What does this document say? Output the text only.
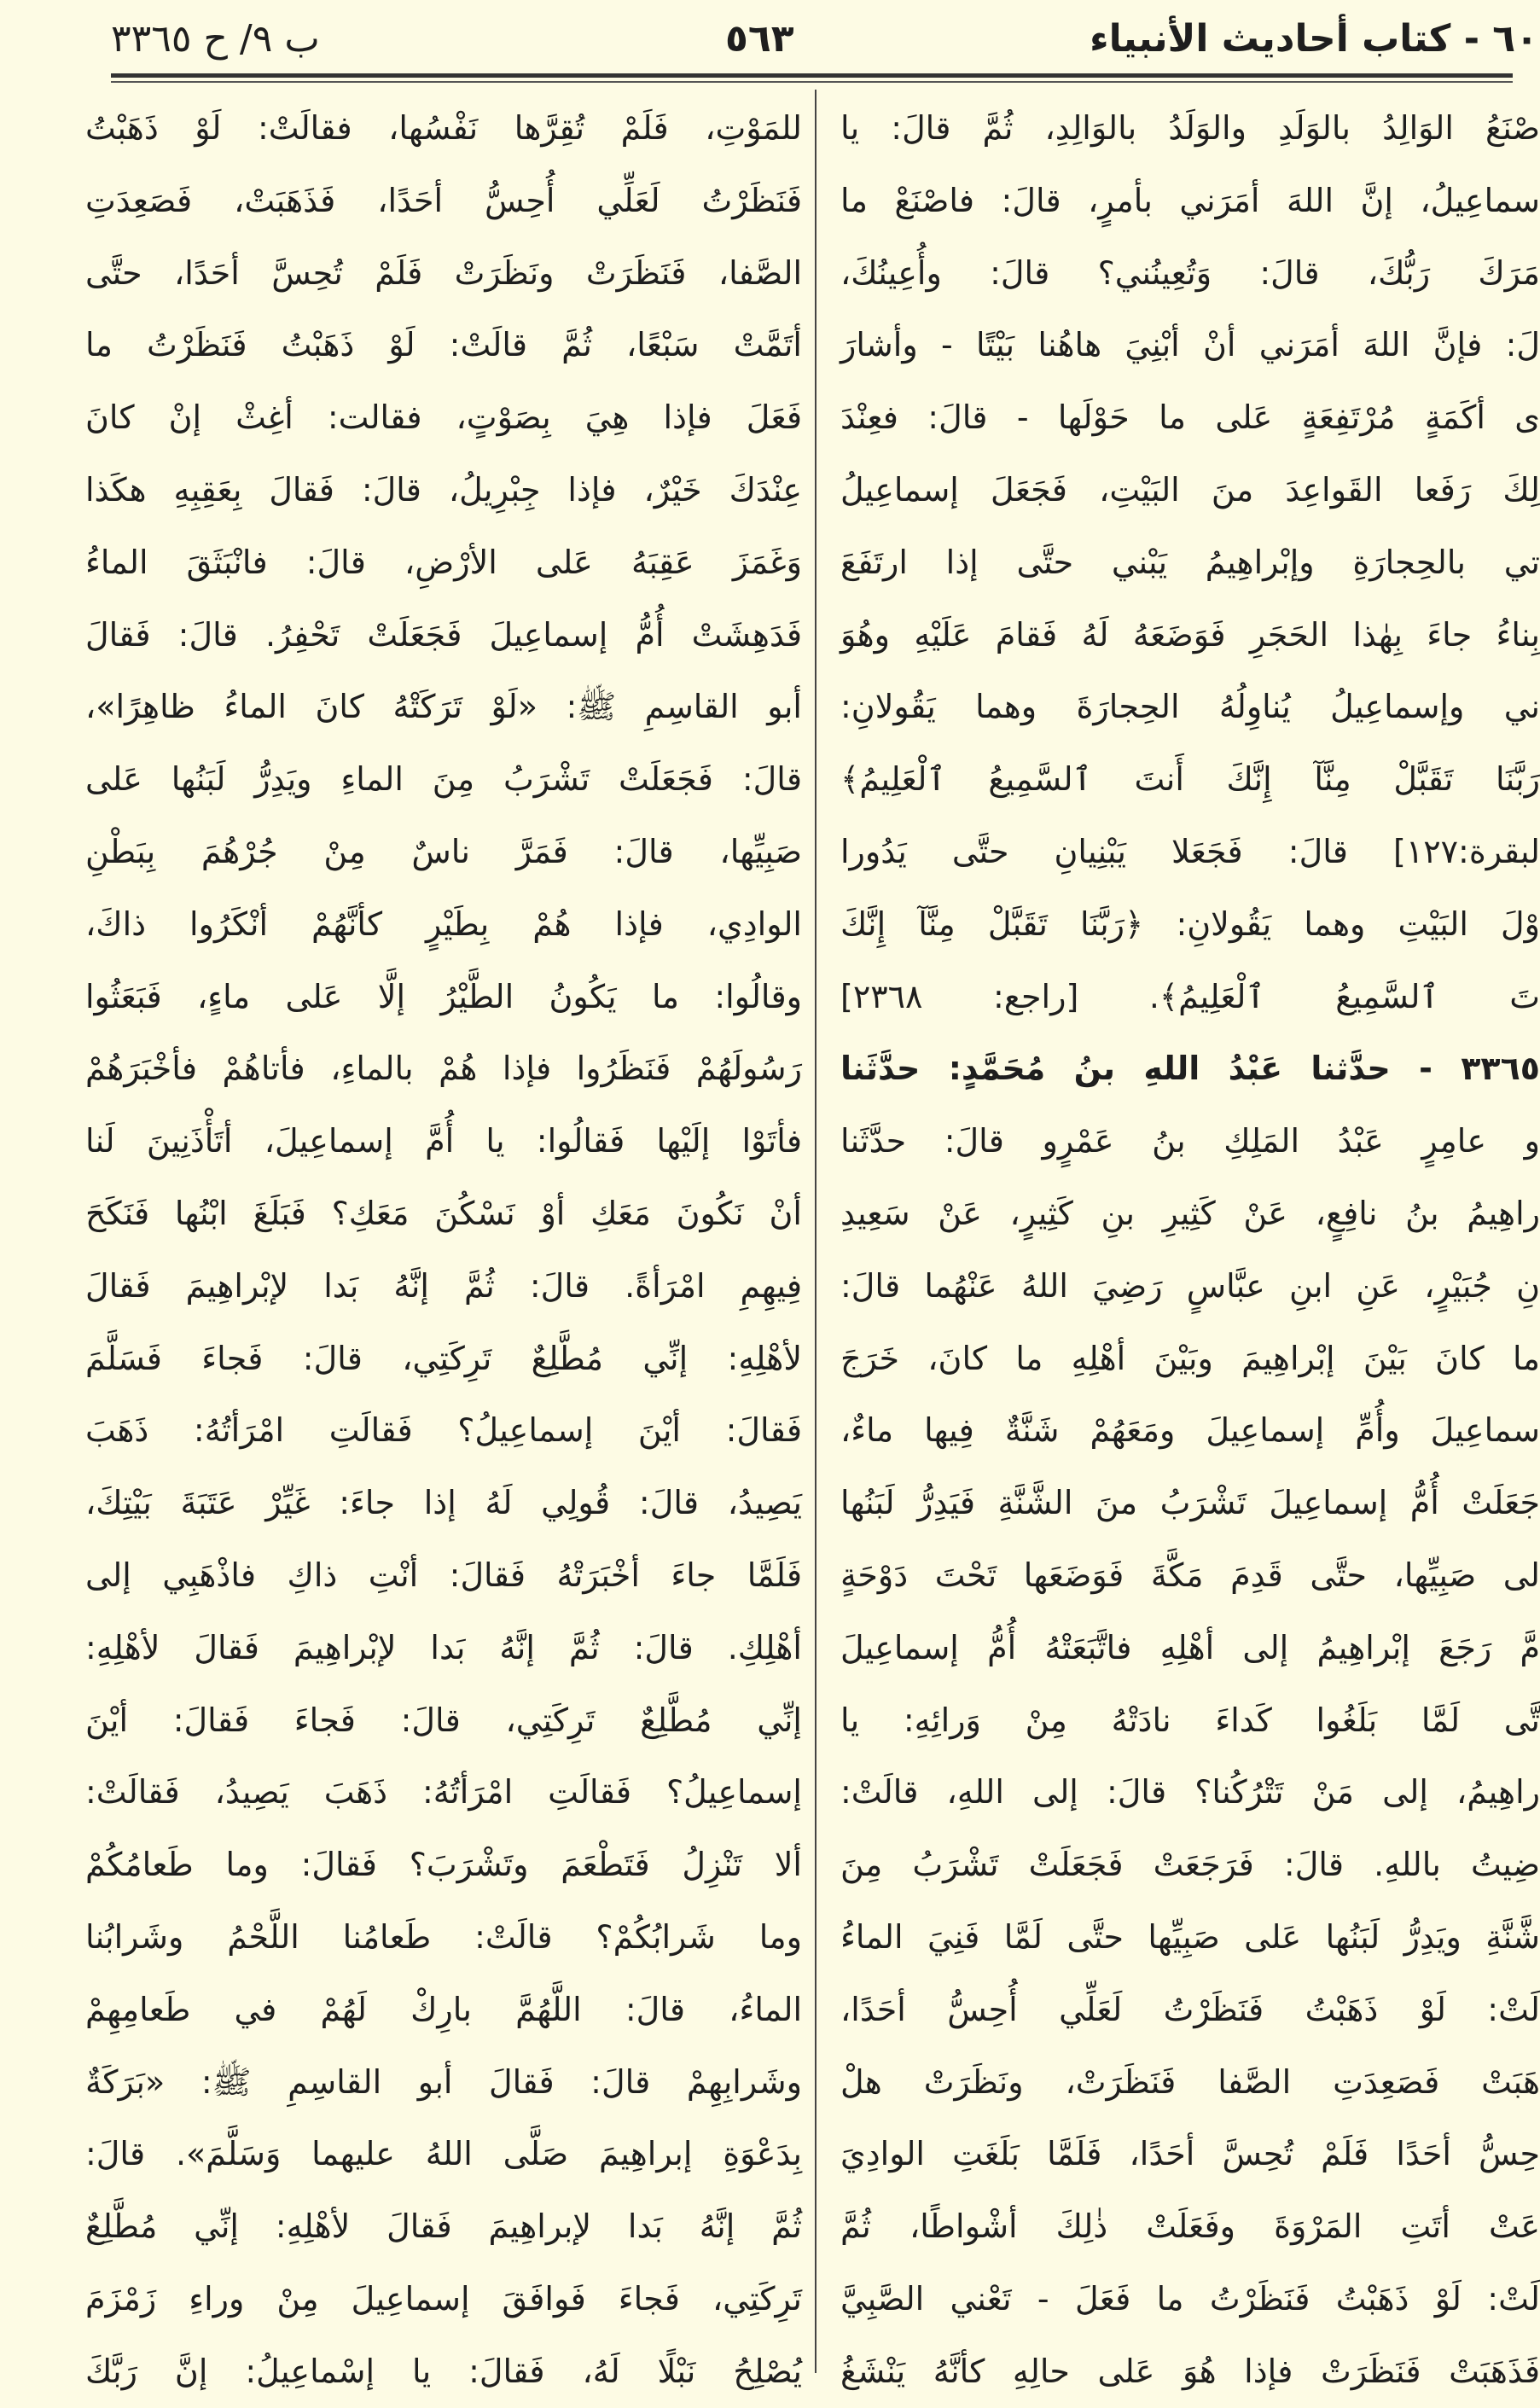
٦٠ - كتاب أحاديث الأنبياء
٥٦٣
ب ٩/ ح ٣٣٦٥
صْنَعُ الوَالِدُ بالوَلَدِ والوَلَدُ بالوَالِدِ، ثُمَّ قالَ: يا
سماعِيلُ، إنَّ اللهَ أمَرَني بأمرٍ، قالَ: فاصْنَعْ ما
مَرَكَ رَبُّكَ، قالَ: وَتُعِينُني؟ قالَ: وأُعِينُكَ،
لَ: فإنَّ اللهَ أمَرَني أنْ أبْنِيَ هاهُنا بَيْتًا - وأشارَ
ى أكَمَةٍ مُرْتَفِعَةٍ عَلى ما حَوْلَها - قالَ: فعِنْدَ
لِكَ رَفَعا القَواعِدَ منَ البَيْتِ، فَجَعَلَ إسماعِيلُ
تي بالحِجارَةِ وإبْراهِيمُ يَبْني حتَّى إذا ارتَفَعَ
بِناءُ جاءَ بِهٰذا الحَجَرِ فَوَضَعَهُ لَهُ فَقامَ عَلَيْهِ وهُوَ
ني وإسماعِيلُ يُناوِلُهُ الحِجارَةَ وهما يَقُولانِ:
رَبَّنَا تَقَبَّلْ مِنَّآ إِنَّكَ أَنتَ ٱلسَّمِيعُ ٱلْعَلِيمُ﴾
لبقرة:١٢٧] قالَ: فَجَعَلا يَبْنِيانِ حتَّى يَدُورا
وْلَ البَيْتِ وهما يَقُولانِ: ﴿رَبَّنَا تَقَبَّلْ مِنَّآ إِنَّكَ
تَ ٱلسَّمِيعُ ٱلْعَلِيمُ﴾. [راجع: ٢٣٦٨]
٣٣٦٥ - حدَّثنا عَبْدُ اللهِ بنُ مُحَمَّدٍ: حدَّثَنا
و عامِرٍ عَبْدُ المَلِكِ بنُ عَمْرٍو قالَ: حدَّثَنا
راهِيمُ بنُ نافِعٍ، عَنْ كَثِيرِ بنِ كَثِيرٍ، عَنْ سَعِيدِ
نِ جُبَيْرٍ، عَنِ ابنِ عبَّاسٍ رَضِيَ اللهُ عَنْهُما قالَ:
ما كانَ بَيْنَ إبْراهِيمَ وبَيْنَ أهْلِهِ ما كانَ، خَرَجَ
سماعِيلَ وأُمِّ إسماعِيلَ ومَعَهُمْ شَنَّةٌ فِيها ماءٌ،
جَعَلَتْ أُمُّ إسماعِيلَ تَشْرَبُ منَ الشَّنَّةِ فَيَدِرُّ لَبَنُها
لى صَبِيِّها، حتَّى قَدِمَ مَكَّةَ فَوَضَعَها تَحْتَ دَوْحَةٍ
مَّ رَجَعَ إبْراهِيمُ إلى أهْلِهِ فاتَّبَعَتْهُ أُمُّ إسماعِيلَ
تَّى لَمَّا بَلَغُوا كَداءَ نادَتْهُ مِنْ وَرائِهِ: يا
راهِيمُ، إلى مَنْ تَتْرُكُنا؟ قالَ: إلى اللهِ، قالَتْ:
ضِيتُ باللهِ. قالَ: فَرَجَعَتْ فَجَعَلَتْ تَشْرَبُ مِنَ
شَّنَّةِ ويَدِرُّ لَبَنُها عَلى صَبِيِّها حتَّى لَمَّا فَنِيَ الماءُ
لَتْ: لَوْ ذَهَبْتُ فَنَظَرْتُ لَعَلِّي أُحِسُّ أحَدًا،
هَبَتْ فَصَعِدَتِ الصَّفا فَنَظَرَتْ، ونَظَرَتْ هلْ
حِسُّ أحَدًا فَلَمْ تُحِسَّ أحَدًا، فَلَمَّا بَلَغَتِ الوادِيَ
عَتْ أتَتِ المَرْوَةَ وفَعَلَتْ ذٰلِكَ أشْواطًا، ثُمَّ
لَتْ: لَوْ ذَهَبْتُ فَنَظَرْتُ ما فَعَلَ - تَعْني الصَّبِيَّ
فَذَهَبَتْ فَنَظَرَتْ فإذا هُوَ عَلى حالِهِ كأنَّهُ يَنْشَغُ
للمَوْتِ، فَلَمْ تُقِرَّها نَفْسُها، فقالَتْ: لَوْ ذَهَبْتُ
فَنَظَرْتُ لَعَلِّي أُحِسُّ أحَدًا، فَذَهَبَتْ، فَصَعِدَتِ
الصَّفا، فَنَظَرَتْ ونَظَرَتْ فَلَمْ تُحِسَّ أحَدًا، حتَّى
أتَمَّتْ سَبْعًا، ثُمَّ قالَتْ: لَوْ ذَهَبْتُ فَنَظَرْتُ ما
فَعَلَ فإذا هِيَ بِصَوْتٍ، فقالت: أغِثْ إنْ كانَ
عِنْدَكَ خَيْرٌ، فإذا جِبْرِيلُ، قالَ: فَقالَ بِعَقِبِهِ هكَذا
وَغَمَزَ عَقِبَهُ عَلى الأرْضِ، قالَ: فانْبَثَقَ الماءُ
فَدَهِشَتْ أُمُّ إسماعِيلَ فَجَعَلَتْ تَحْفِرُ. قالَ: فَقالَ
أبو القاسِمِ ﷺ: «لَوْ تَرَكَتْهُ كانَ الماءُ ظاهِرًا»،
قالَ: فَجَعَلَتْ تَشْرَبُ مِنَ الماءِ ويَدِرُّ لَبَنُها عَلى
صَبِيِّها، قالَ: فَمَرَّ ناسٌ مِنْ جُرْهُمَ بِبَطْنِ
الوادِي، فإذا هُمْ بِطَيْرٍ كأنَّهُمْ أنْكَرُوا ذاكَ،
وقالُوا: ما يَكُونُ الطَّيْرُ إلَّا عَلى ماءٍ، فَبَعَثُوا
رَسُولَهُمْ فَنَظَرُوا فإذا هُمْ بالماءِ، فأتاهُمْ فأخْبَرَهُمْ
فأتَوْا إلَيْها فَقالُوا: يا أُمَّ إسماعِيلَ، أتَأْذَنِينَ لَنا
أنْ نَكُونَ مَعَكِ أوْ نَسْكُنَ مَعَكِ؟ فَبَلَغَ ابْنُها فَنَكَحَ
فِيهِمِ امْرَأةً. قالَ: ثُمَّ إنَّهُ بَدا لإبْراهِيمَ فَقالَ
لأهْلِهِ: إنِّي مُطَّلِعٌ تَرِكَتِي، قالَ: فَجاءَ فَسَلَّمَ
فَقالَ: أيْنَ إسماعِيلُ؟ فَقالَتِ امْرَأتُهُ: ذَهَبَ
يَصِيدُ، قالَ: قُولِي لَهُ إذا جاءَ: غَيِّرْ عَتَبَةَ بَيْتِكَ،
فَلَمَّا جاءَ أخْبَرَتْهُ فَقالَ: أنْتِ ذاكِ فاذْهَبِي إلى
أهْلِكِ. قالَ: ثُمَّ إنَّهُ بَدا لإبْراهِيمَ فَقالَ لأهْلِهِ:
إنِّي مُطَّلِعٌ تَرِكَتِي، قالَ: فَجاءَ فَقالَ: أيْنَ
إسماعِيلُ؟ فَقالَتِ امْرَأتُهُ: ذَهَبَ يَصِيدُ، فَقالَتْ:
ألا تَنْزِلُ فَتَطْعَمَ وتَشْرَبَ؟ فَقالَ: وما طَعامُكُمْ
وما شَرابُكُمْ؟ قالَتْ: طَعامُنا اللَّحْمُ وشَرابُنا
الماءُ، قالَ: اللَّهُمَّ بارِكْ لَهُمْ في طَعامِهِمْ
وشَرابِهِمْ قالَ: فَقالَ أبو القاسِمِ ﷺ: «بَرَكَةٌ
بِدَعْوَةِ إبراهِيمَ صَلَّى اللهُ عليهما وَسَلَّمَ». قالَ:
ثُمَّ إنَّهُ بَدا لإبراهِيمَ فَقالَ لأهْلِهِ: إنِّي مُطَّلِعٌ
تَرِكَتِي، فَجاءَ فَوافَقَ إسماعِيلَ مِنْ وراءِ زَمْزَمَ
يُصْلِحُ نَبْلًا لَهُ، فَقالَ: يا إسْماعِيلُ: إنَّ رَبَّكَ
